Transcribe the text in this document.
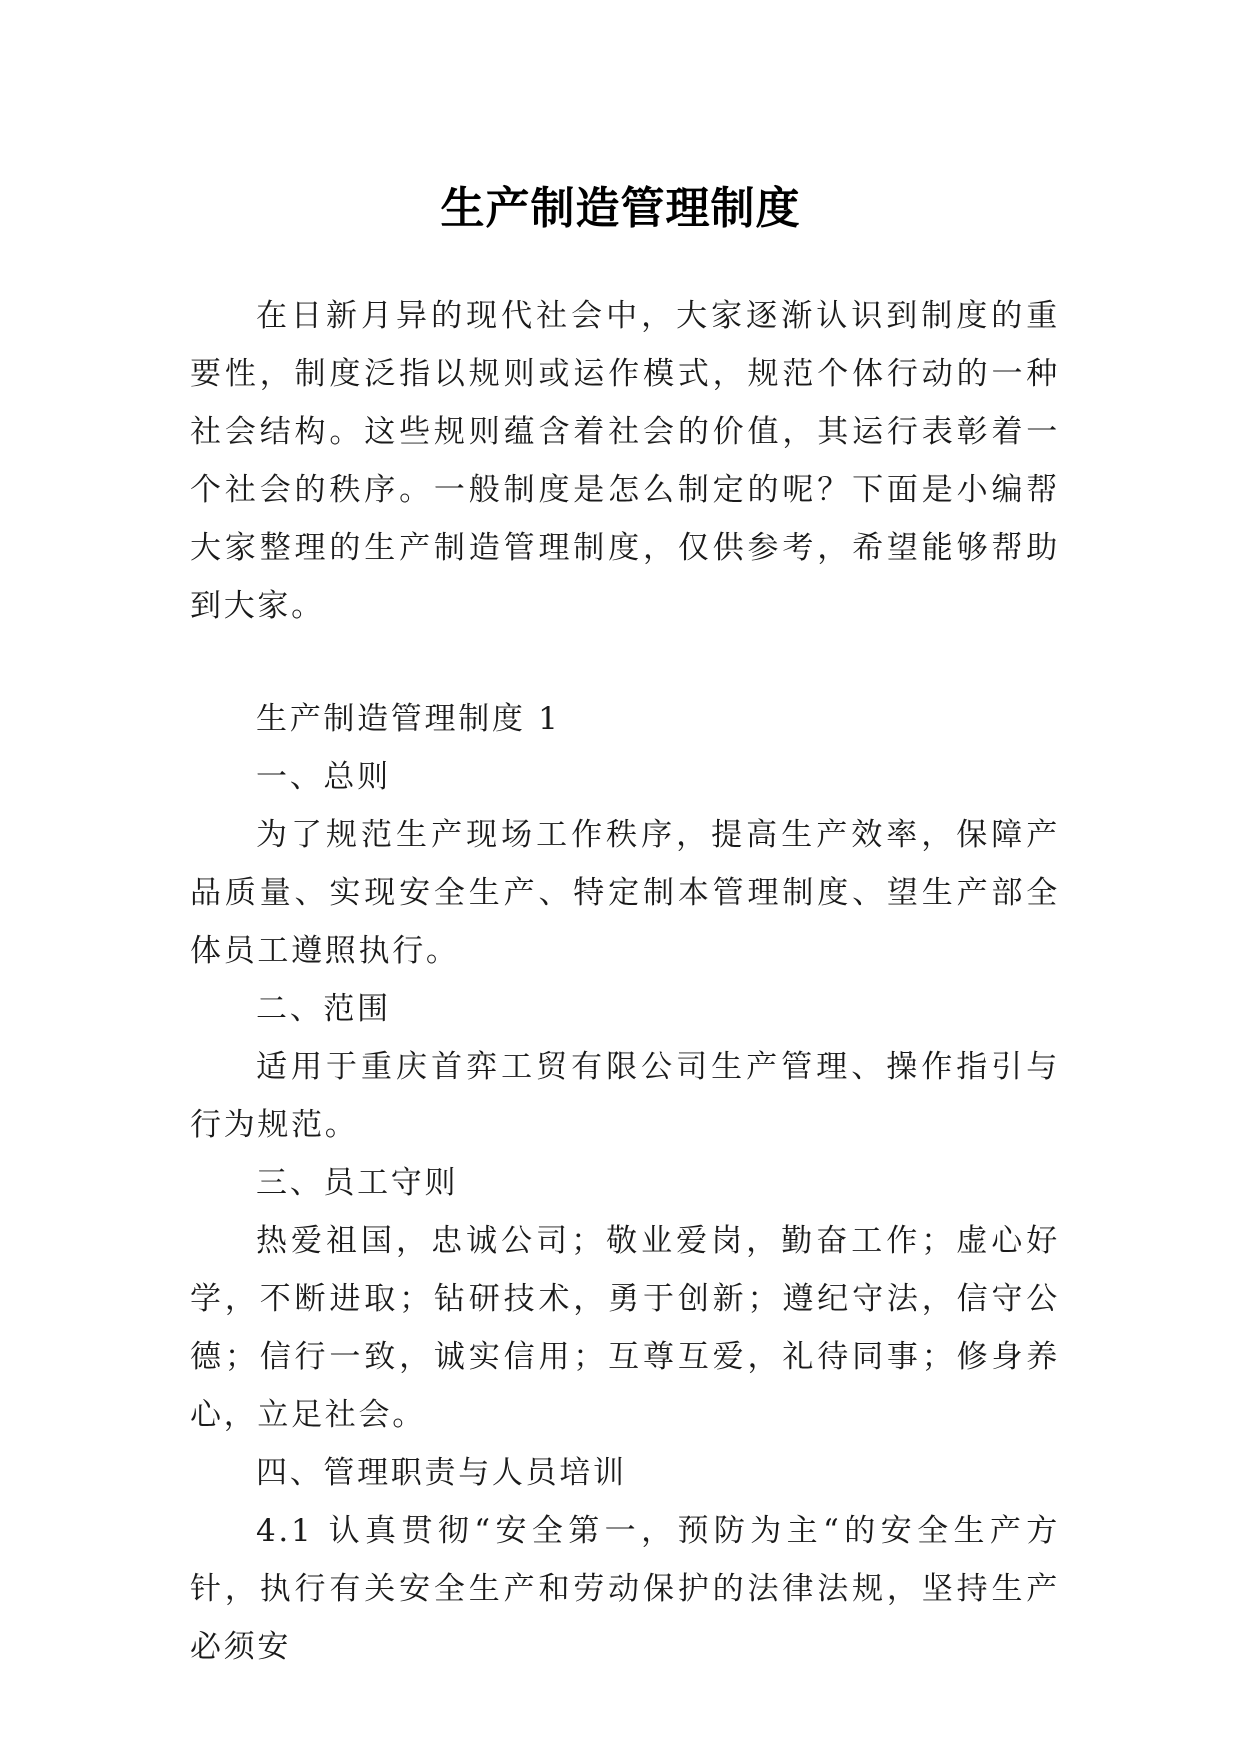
生产制造管理制度

在日新月异的现代社会中，大家逐渐认识到制度的重要性，制度泛指以规则或运作模式，规范个体行动的一种社会结构。这些规则蕴含着社会的价值，其运行表彰着一个社会的秩序。一般制度是怎么制定的呢？下面是小编帮大家整理的生产制造管理制度，仅供参考，希望能够帮助到大家。

生产制造管理制度 1

一、总则

为了规范生产现场工作秩序，提高生产效率，保障产品质量、实现安全生产、特定制本管理制度、望生产部全体员工遵照执行。

二、范围

适用于重庆首弈工贸有限公司生产管理、操作指引与行为规范。

三、员工守则

热爱祖国，忠诚公司；敬业爱岗，勤奋工作；虚心好学，不断进取；钻研技术，勇于创新；遵纪守法，信守公德；信行一致，诚实信用；互尊互爱，礼待同事；修身养心，立足社会。

四、管理职责与人员培训

4.1 认真贯彻“安全第一，预防为主“的安全生产方针，执行有关安全生产和劳动保护的法律法规，坚持生产必须安
